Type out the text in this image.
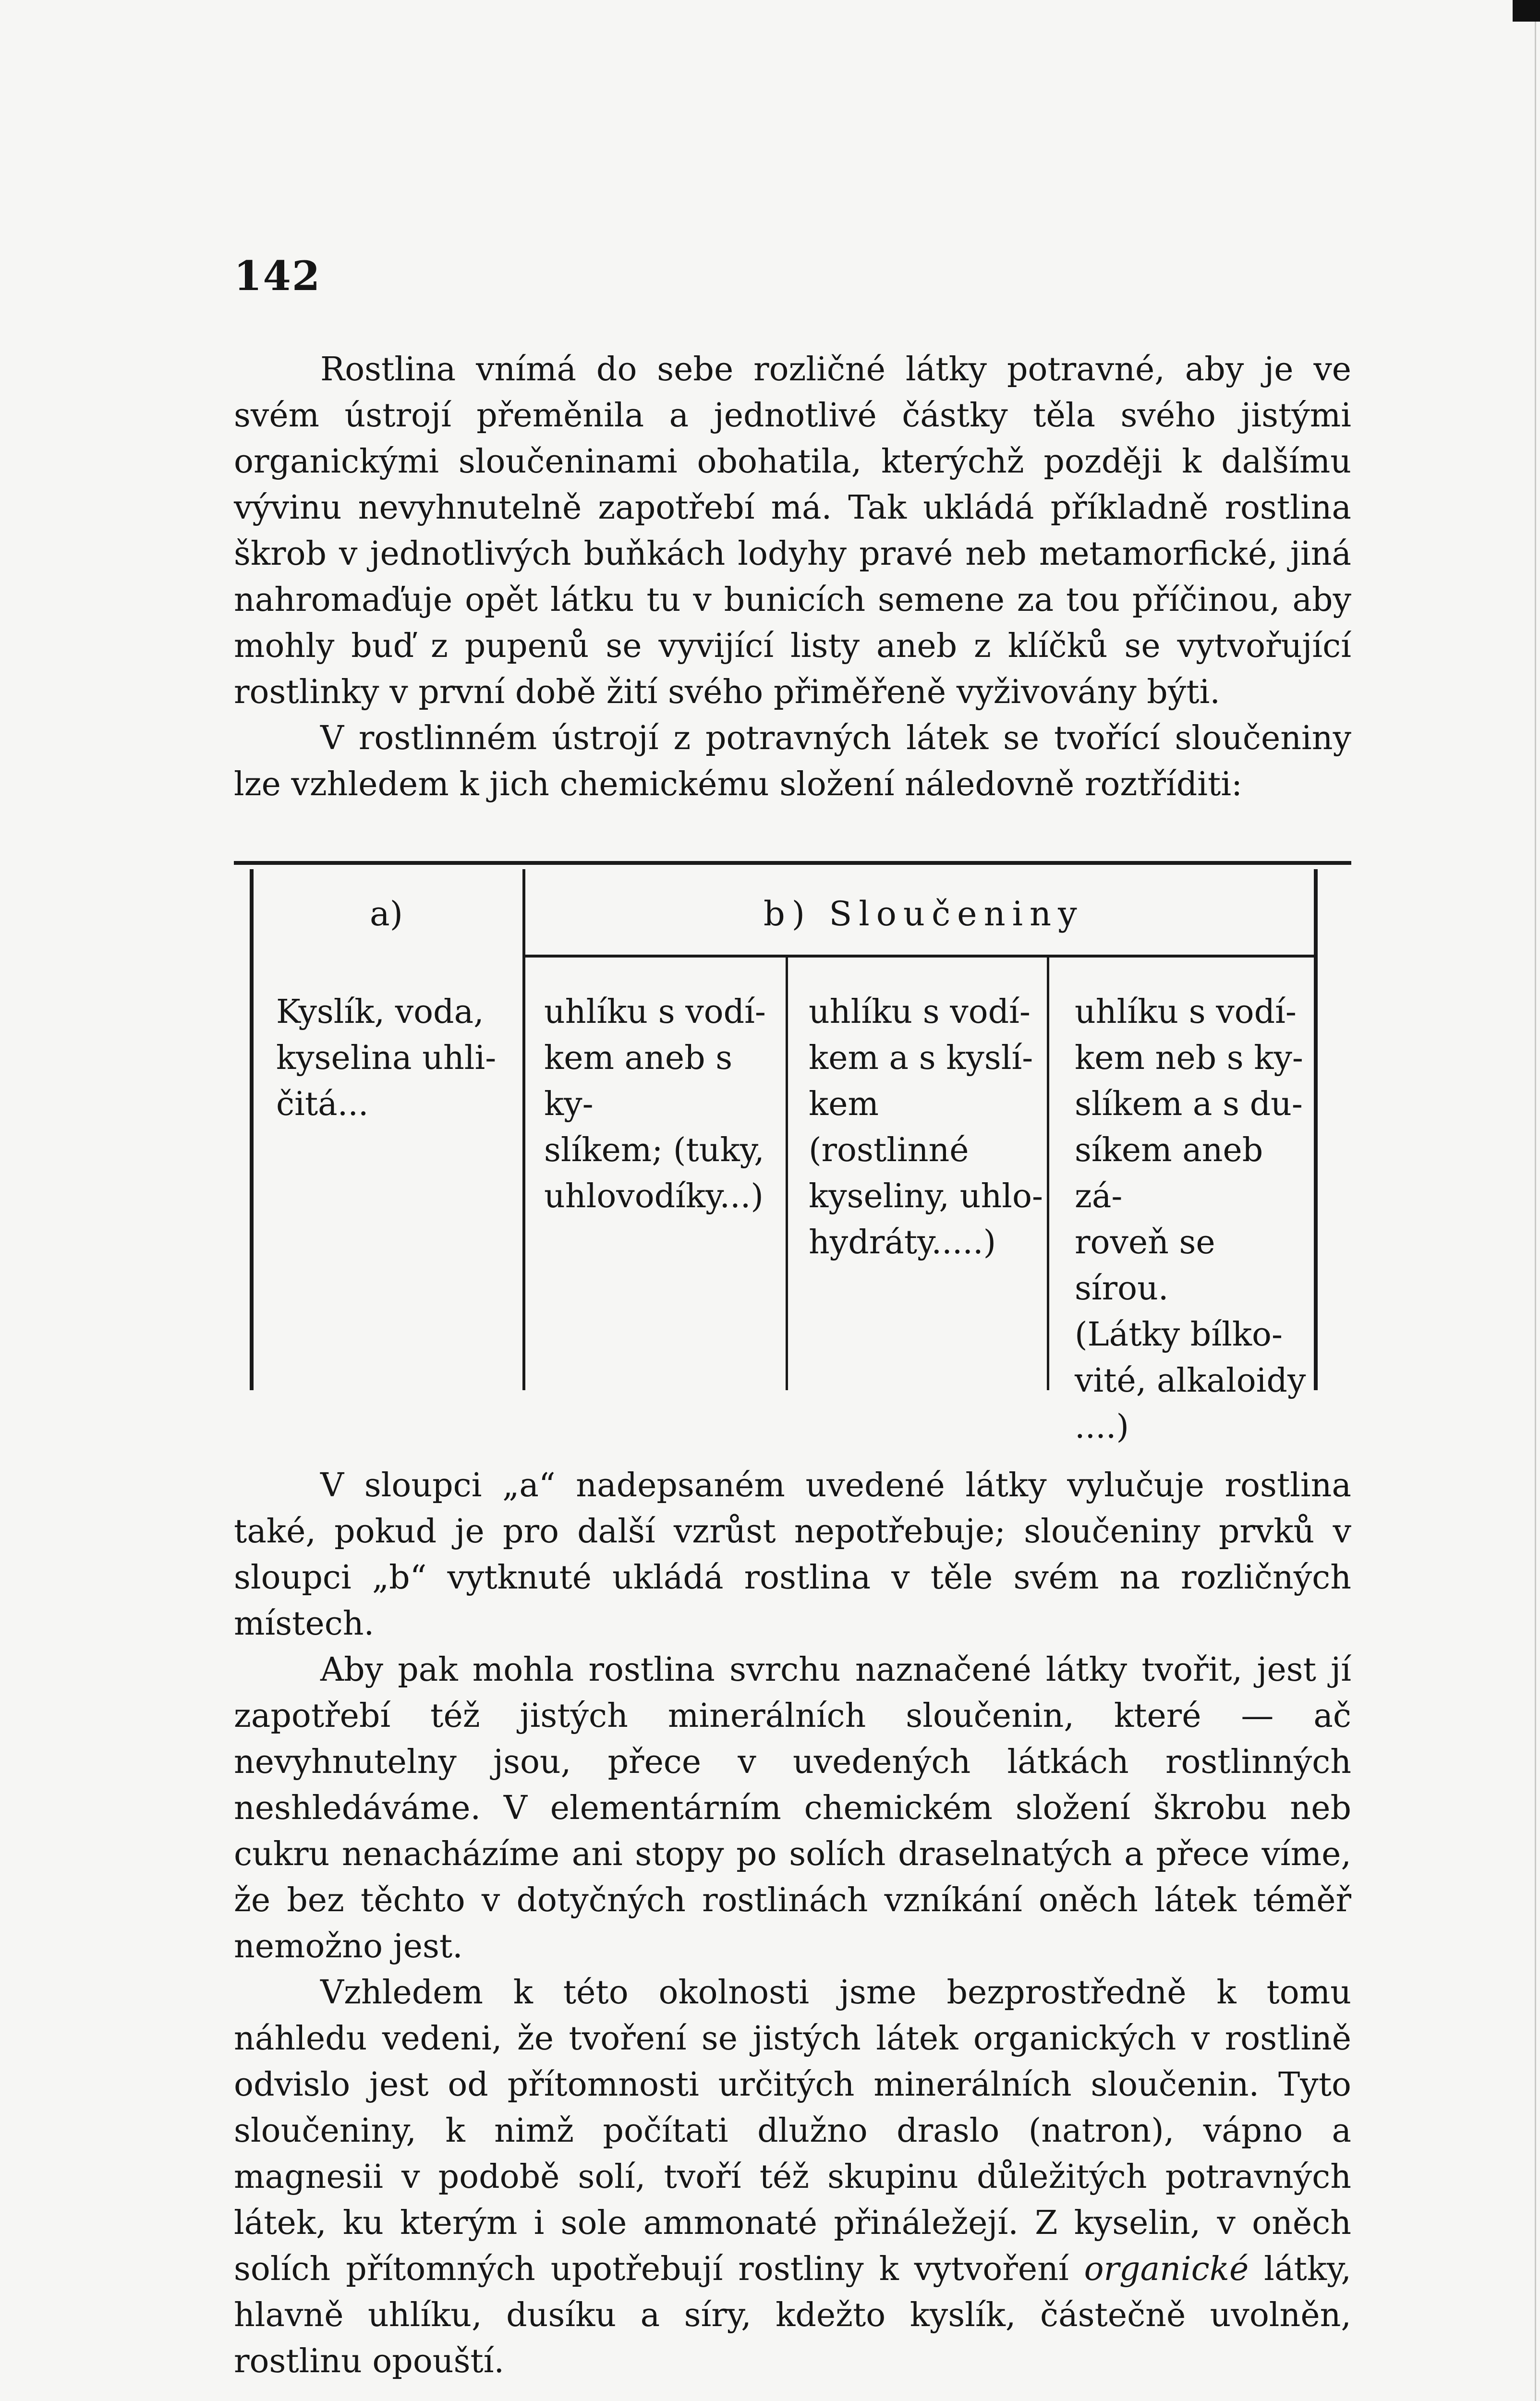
142

Rostlina vnímá do sebe rozličné látky potravné, aby je ve svém ústrojí přeměnila a jednotlivé částky těla svého jistými organickými sloučeninami obohatila, kterýchž později k dalšímu vývinu nevyhnutelně zapotřebí má. Tak ukládá příkladně rostlina škrob v jednotlivých buňkách lodyhy pravé neb metamorfické, jiná nahromaďuje opět látku tu v bunicích semene za tou příčinou, aby mohly buď z pupenů se vyvijící listy aneb z klíčků se vytvořující rostlinky v první době žití svého přiměřeně vyživovány býti.

V rostlinném ústrojí z potravných látek se tvořící sloučeniny lze vzhledem k jich chemickému složení náledovně roztříditi:

a)	b) Sloučeniny
Kyslík, voda,
kyselina uhli-
čitá...
uhlíku s vodí-
kem aneb s ky-
slíkem; (tuky,
uhlovodíky...)
uhlíku s vodí-
kem a s kyslí-
kem (rostlinné
kyseliny, uhlo-
hydráty.....)
uhlíku s vodí-
kem neb s ky-
slíkem a s du-
síkem aneb zá-
roveň se sírou.
(Látky bílko-
vité, alkaloidy
....)

V sloupci „a“ nadepsaném uvedené látky vylučuje rostlina také, pokud je pro další vzrůst nepotřebuje; sloučeniny prvků v sloupci „b“ vytknuté ukládá rostlina v těle svém na rozličných místech.

Aby pak mohla rostlina svrchu naznačené látky tvořit, jest jí zapotřebí též jistých minerálních sloučenin, které — ač nevyhnutelny jsou, přece v uvedených látkách rostlinných neshledáváme. V elementárním chemickém složení škrobu neb cukru nenacházíme ani stopy po solích draselnatých a přece víme, že bez těchto v dotyčných rostlinách vzníkání oněch látek téměř nemožno jest.

Vzhledem k této okolnosti jsme bezprostředně k tomu náhledu vedeni, že tvoření se jistých látek organických v rostlině odvislo jest od přítomnosti určitých minerálních sloučenin. Tyto sloučeniny, k nimž počítati dlužno draslo (natron), vápno a magnesii v podobě solí, tvoří též skupinu důležitých potravných látek, ku kterým i sole ammonaté přináležejí. Z kyselin, v oněch solích přítomných upotřebují rostliny k vytvoření organické látky, hlavně uhlíku, dusíku a síry, kdežto kyslík, částečně uvolněn, rostlinu opouští.
